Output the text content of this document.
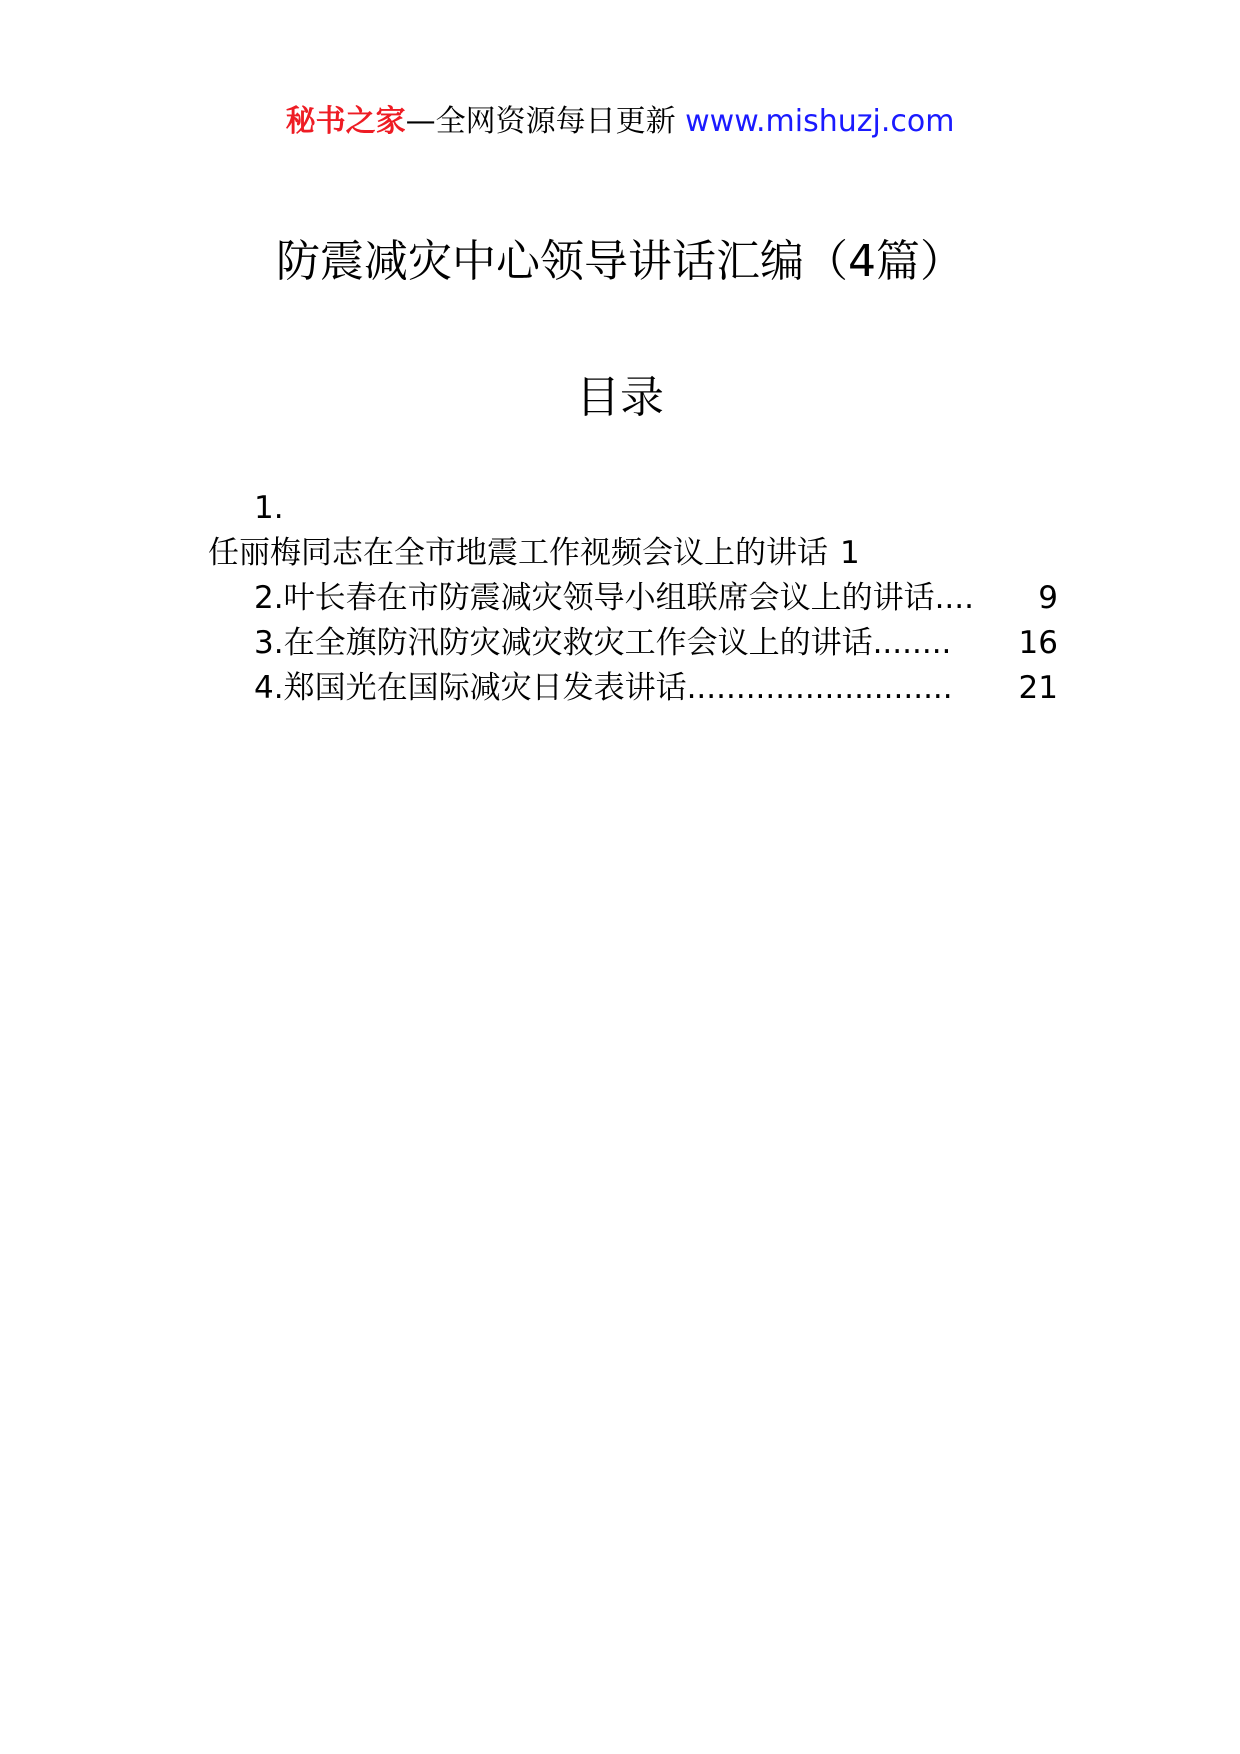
秘书之家—全网资源每日更新 www.mishuzj.com
防震减灾中心领导讲话汇编（4篇）
目录
1.
任丽梅同志在全市地震工作视频会议上的讲话 1
2. 叶长春在市防震减灾领导小组联席会议上的讲话 ....	9
3. 在全旗防汛防灾减灾救灾工作会议上的讲话 ........	16
4. 郑国光在国际减灾日发表讲话 ...........................	21
